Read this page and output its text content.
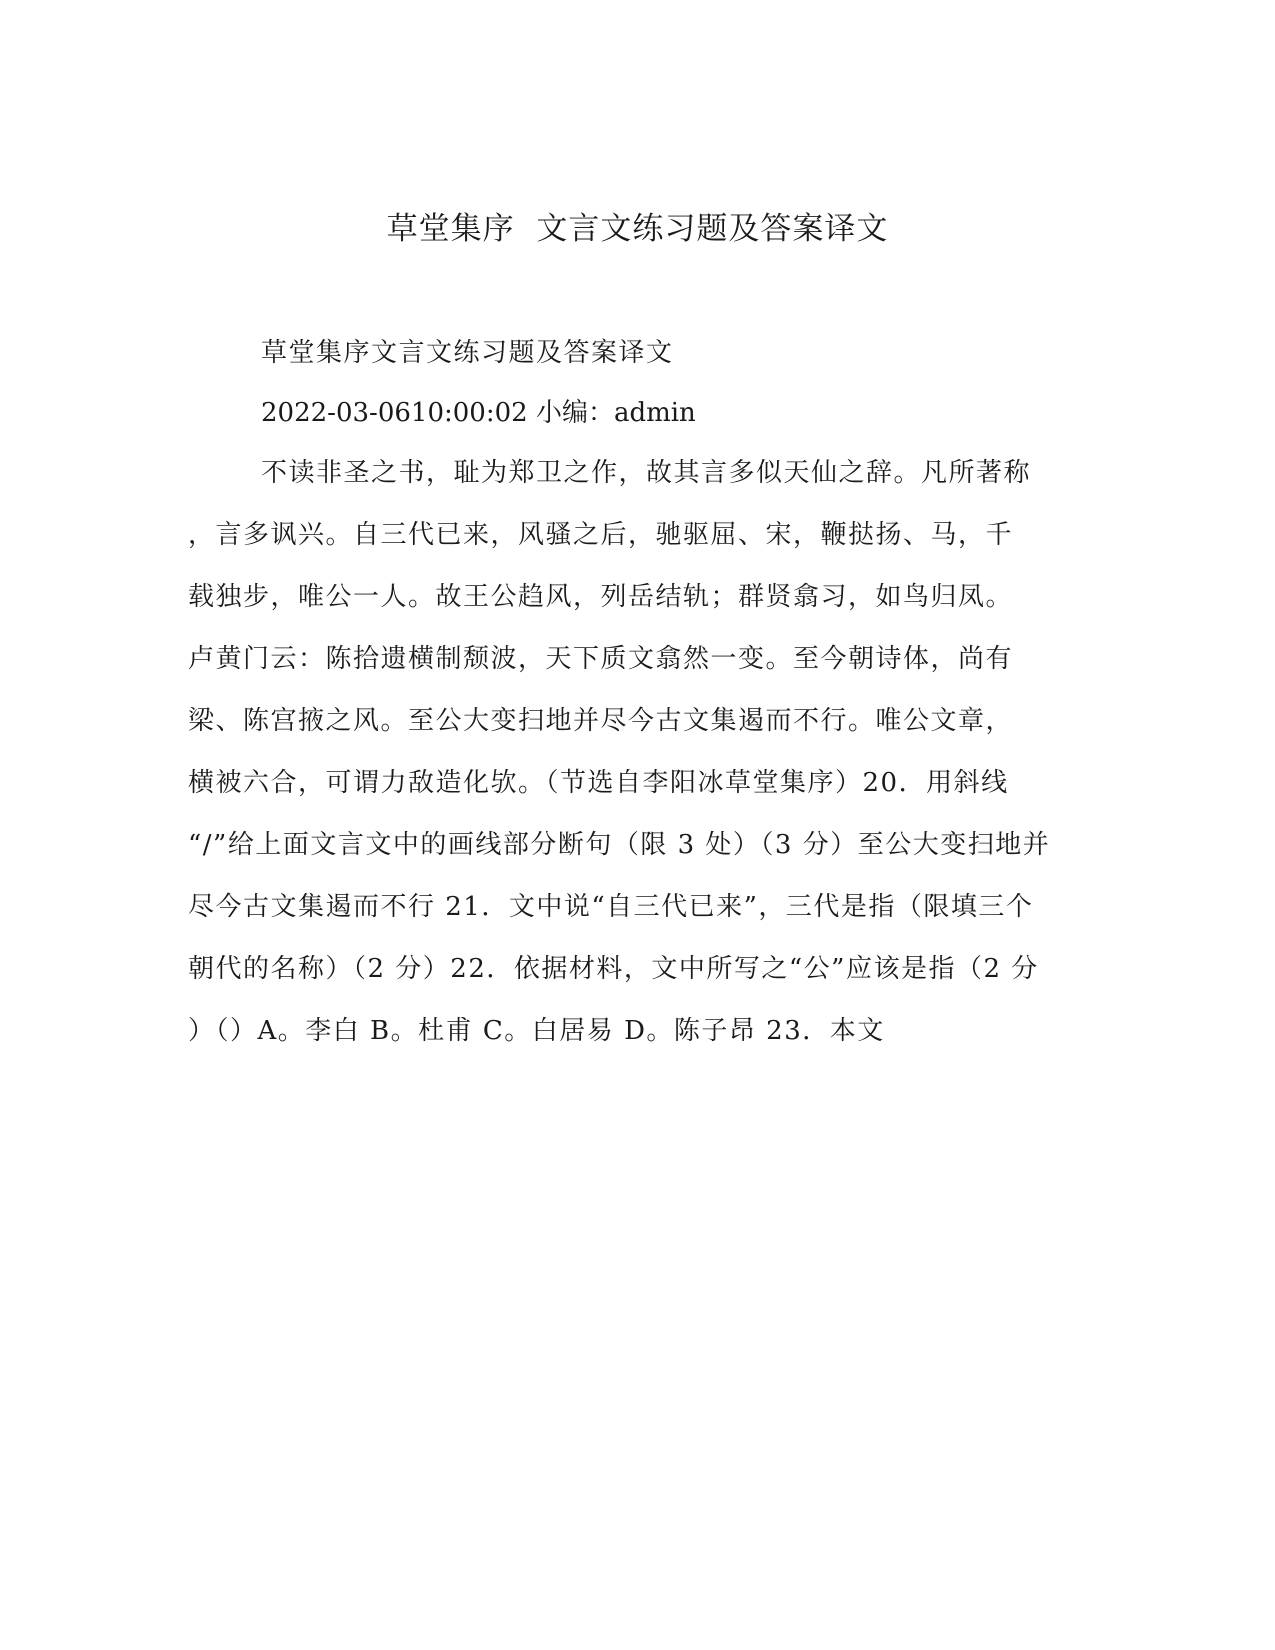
草堂集序  文言文练习题及答案译文
草堂集序文言文练习题及答案译文
2022-03-0610:00:02 小编：admin
不读非圣之书，耻为郑卫之作，故其言多似天仙之辞。凡所著称
，言多讽兴。自三代已来，风骚之后，驰驱屈、宋，鞭挞扬、马，千
载独步，唯公一人。故王公趋风，列岳结轨；群贤翕习，如鸟归凤。
卢黄门云：陈拾遗横制颓波，天下质文翕然一变。至今朝诗体，尚有
梁、陈宫掖之风。至公大变扫地并尽今古文集遏而不行。唯公文章，
横被六合，可谓力敌造化欤。（节选自李阳冰草堂集序）20．用斜线
“/”给上面文言文中的画线部分断句（限 3 处）（3 分）至公大变扫地并
尽今古文集遏而不行 21．文中说“自三代已来”，三代是指（限填三个
朝代的名称）（2 分）22．依据材料，文中所写之“公”应该是指（2 分
）（）A。李白 B。杜甫 C。白居易 D。陈子昂 23．本文
